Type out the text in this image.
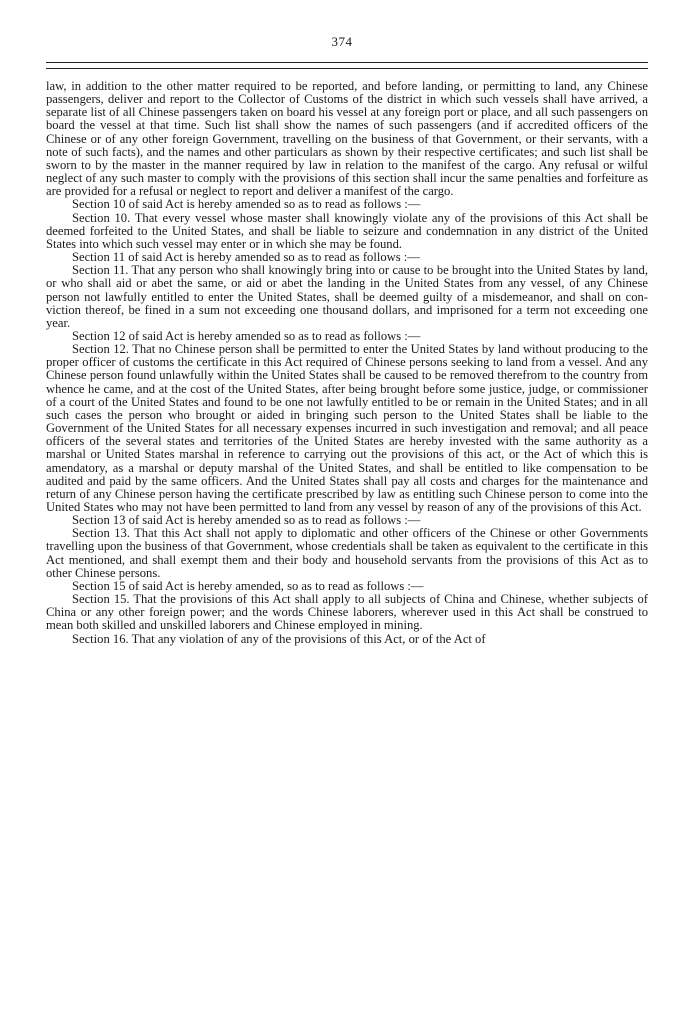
374

law, in addition to the other matter required to be reported, and before landing, or permitting to land, any Chinese passengers, deliver and report to the Collector of Customs of the district in which such vessels shall have arrived, a separate list of all Chinese passengers taken on board his vessel at any foreign port or place, and all such passengers on board the vessel at that time. Such list shall show the names of such passengers (and if accredited officers of the Chinese or of any other foreign Government, travelling on the business of that Government, or their servants, with a note of such facts), and the names and other particulars as shown by their respective certificates; and such list shall be sworn to by the master in the manner required by law in relation to the manifest of the cargo. Any refusal or wilful neglect of any such master to comply with the provisions of this section shall incur the same penalties and forfeiture as are provided for a refusal or neglect to report and deliver a manifest of the cargo.

Section 10 of said Act is hereby amended so as to read as follows :—

Section 10. That every vessel whose master shall knowingly violate any of the provisions of this Act shall be deemed forfeited to the United States, and shall be liable to seizure and condemnation in any district of the United States into which such vessel may enter or in which she may be found.

Section 11 of said Act is hereby amended so as to read as follows :—

Section 11. That any person who shall knowingly bring into or cause to be brought into the United States by land, or who shall aid or abet the same, or aid or abet the landing in the United States from any vessel, of any Chinese person not lawfully entitled to enter the United States, shall be deemed guilty of a misdemeanor, and shall on conviction thereof, be fined in a sum not exceeding one thousand dollars, and imprisoned for a term not exceeding one year.

Section 12 of said Act is hereby amended so as to read as follows :—

Section 12. That no Chinese person shall be permitted to enter the United States by land without producing to the proper officer of customs the certificate in this Act required of Chinese persons seeking to land from a vessel. And any Chinese person found unlawfully within the United States shall be caused to be removed therefrom to the country from whence he came, and at the cost of the United States, after being brought before some justice, judge, or commissioner of a court of the United States and found to be one not lawfully entitled to be or remain in the United States; and in all such cases the person who brought or aided in bringing such person to the United States shall be liable to the Government of the United States for all necessary expenses incurred in such investigation and removal; and all peace officers of the several states and territories of the United States are hereby invested with the same authority as a marshal or United States marshal in reference to carrying out the provisions of this act, or the Act of which this is amendatory, as a marshal or deputy marshal of the United States, and shall be entitled to like compensation to be audited and paid by the same officers. And the United States shall pay all costs and charges for the maintenance and return of any Chinese person having the certificate prescribed by law as entitling such Chinese person to come into the United States who may not have been permitted to land from any vessel by reason of any of the provisions of this Act.

Section 13 of said Act is hereby amended so as to read as follows :—

Section 13. That this Act shall not apply to diplomatic and other officers of the Chinese or other Governments travelling upon the business of that Government, whose credentials shall be taken as equivalent to the certificate in this Act mentioned, and shall exempt them and their body and household servants from the provisions of this Act as to other Chinese persons.

Section 15 of said Act is hereby amended, so as to read as follows :—

Section 15. That the provisions of this Act shall apply to all subjects of China and Chinese, whether subjects of China or any other foreign power; and the words Chinese laborers, wherever used in this Act shall be construed to mean both skilled and unskilled laborers and Chinese employed in mining.

Section 16. That any violation of any of the provisions of this Act, or of the Act of
